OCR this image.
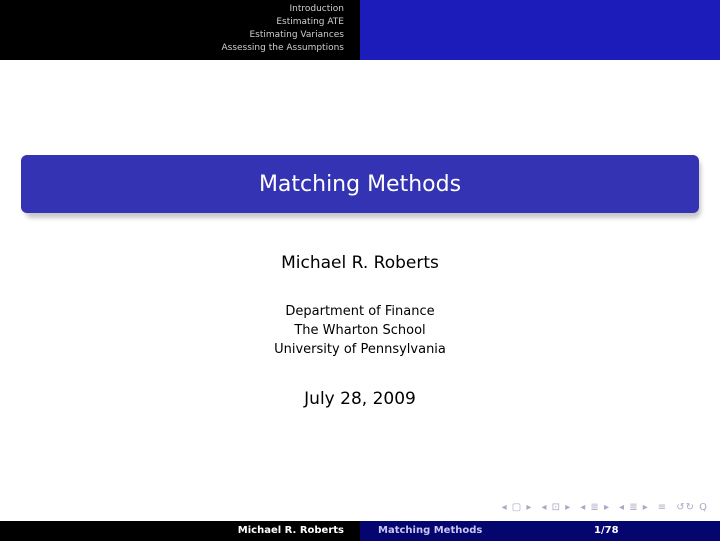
Introduction
Estimating ATE
Estimating Variances
Assessing the Assumptions
Matching Methods
Michael R. Roberts
Department of Finance
The Wharton School
University of Pennsylvania
July 28, 2009
◂ ▢ ▸ ◂ ⊡ ▸ ◂ ≣ ▸ ◂ ≣ ▸ ≡ ↺↻ Q
Michael R. Roberts	Matching Methods	1/78
